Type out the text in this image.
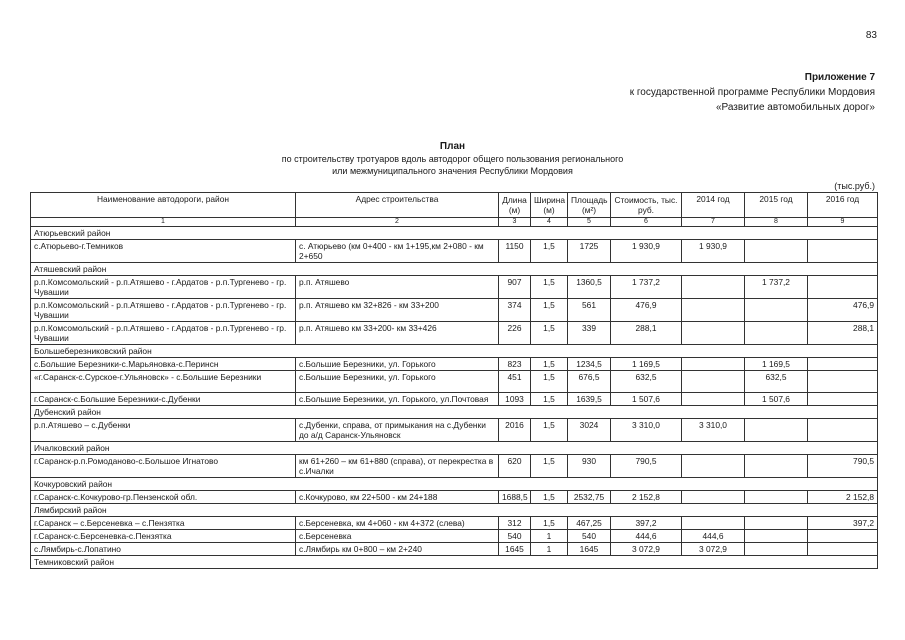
83
Приложение 7
к государственной программе Республики Мордовия
«Развитие автомобильных дорог»
План
по строительству тротуаров вдоль автодорог общего пользования регионального
или межмуниципального значения Республики Мордовия
(тыс.руб.)
Наименование автодороги, район	Адрес строительства	Длина (м)	Ширина (м)	Площадь (м²)	Стоимость, тыс. руб.	2014 год	2015 год	2016 год
1	2	3	4	5	6	7	8	9
Атюрьевский район								
с.Атюрьево-г.Темников	с. Атюрьево (км 0+400 - км 1+195,км 2+080 - км 2+650	1150	1,5	1725	1 930,9	1 930,9		
Атяшевский район								
р.п.Комсомольский - р.п.Атяшево - г.Ардатов - р.п.Тургенево - гр. Чувашии	р.п. Атяшево	907	1,5	1360,5	1 737,2		1 737,2	
р.п.Комсомольский - р.п.Атяшево - г.Ардатов - р.п.Тургенево - гр. Чувашии	р.п. Атяшево км 32+826 - км 33+200	374	1,5	561	476,9			476,9
р.п.Комсомольский - р.п.Атяшево - г.Ардатов - р.п.Тургенево - гр. Чувашии	р.п. Атяшево км 33+200- км 33+426	226	1,5	339	288,1			288,1
Большеберезниковский район								
с.Большие Березники-с.Марьяновка-с.Перинсн	с.Большие Березники, ул. Горького	823	1,5	1234,5	1 169,5		1 169,5	
«г.Саранск-с.Сурское-г.Ульяновск» - с.Большие Березники	с.Большие Березники, ул. Горького	451	1,5	676,5	632,5		632,5	
г.Саранск-с.Большие Березники-с.Дубенки	с.Большие Березники, ул. Горького, ул.Почтовая	1093	1,5	1639,5	1 507,6		1 507,6	
Дубенский район								
р.п.Атяшево – с.Дубенки	с.Дубенки, справа, от примыкания на с.Дубенки до а/д Саранск-Ульяновск	2016	1,5	3024	3 310,0	3 310,0		
Ичалковский район								
г.Саранск-р.п.Ромоданово-с.Большое Игнатово	км 61+260 – км 61+880 (справа), от перекрестка в с.Ичалки	620	1,5	930	790,5			790,5
Кочкуровский район								
г.Саранск-с.Кочкурово-гр.Пензенской обл.	с.Кочкурово, км 22+500 - км 24+188	1688,5	1,5	2532,75	2 152,8			2 152,8
Лямбирский район								
г.Саранск – с.Берсеневка – с.Пензятка	с.Берсеневка, км 4+060 - км 4+372 (слева)	312	1,5	467,25	397,2			397,2
г.Саранск-с.Берсеневка-с.Пензятка	с.Берсеневка	540	1	540	444,6	444,6		
с.Лямбирь-с.Лопатино	с.Лямбирь км 0+800 – км 2+240	1645	1	1645	3 072,9	3 072,9		
Темниковский район								
